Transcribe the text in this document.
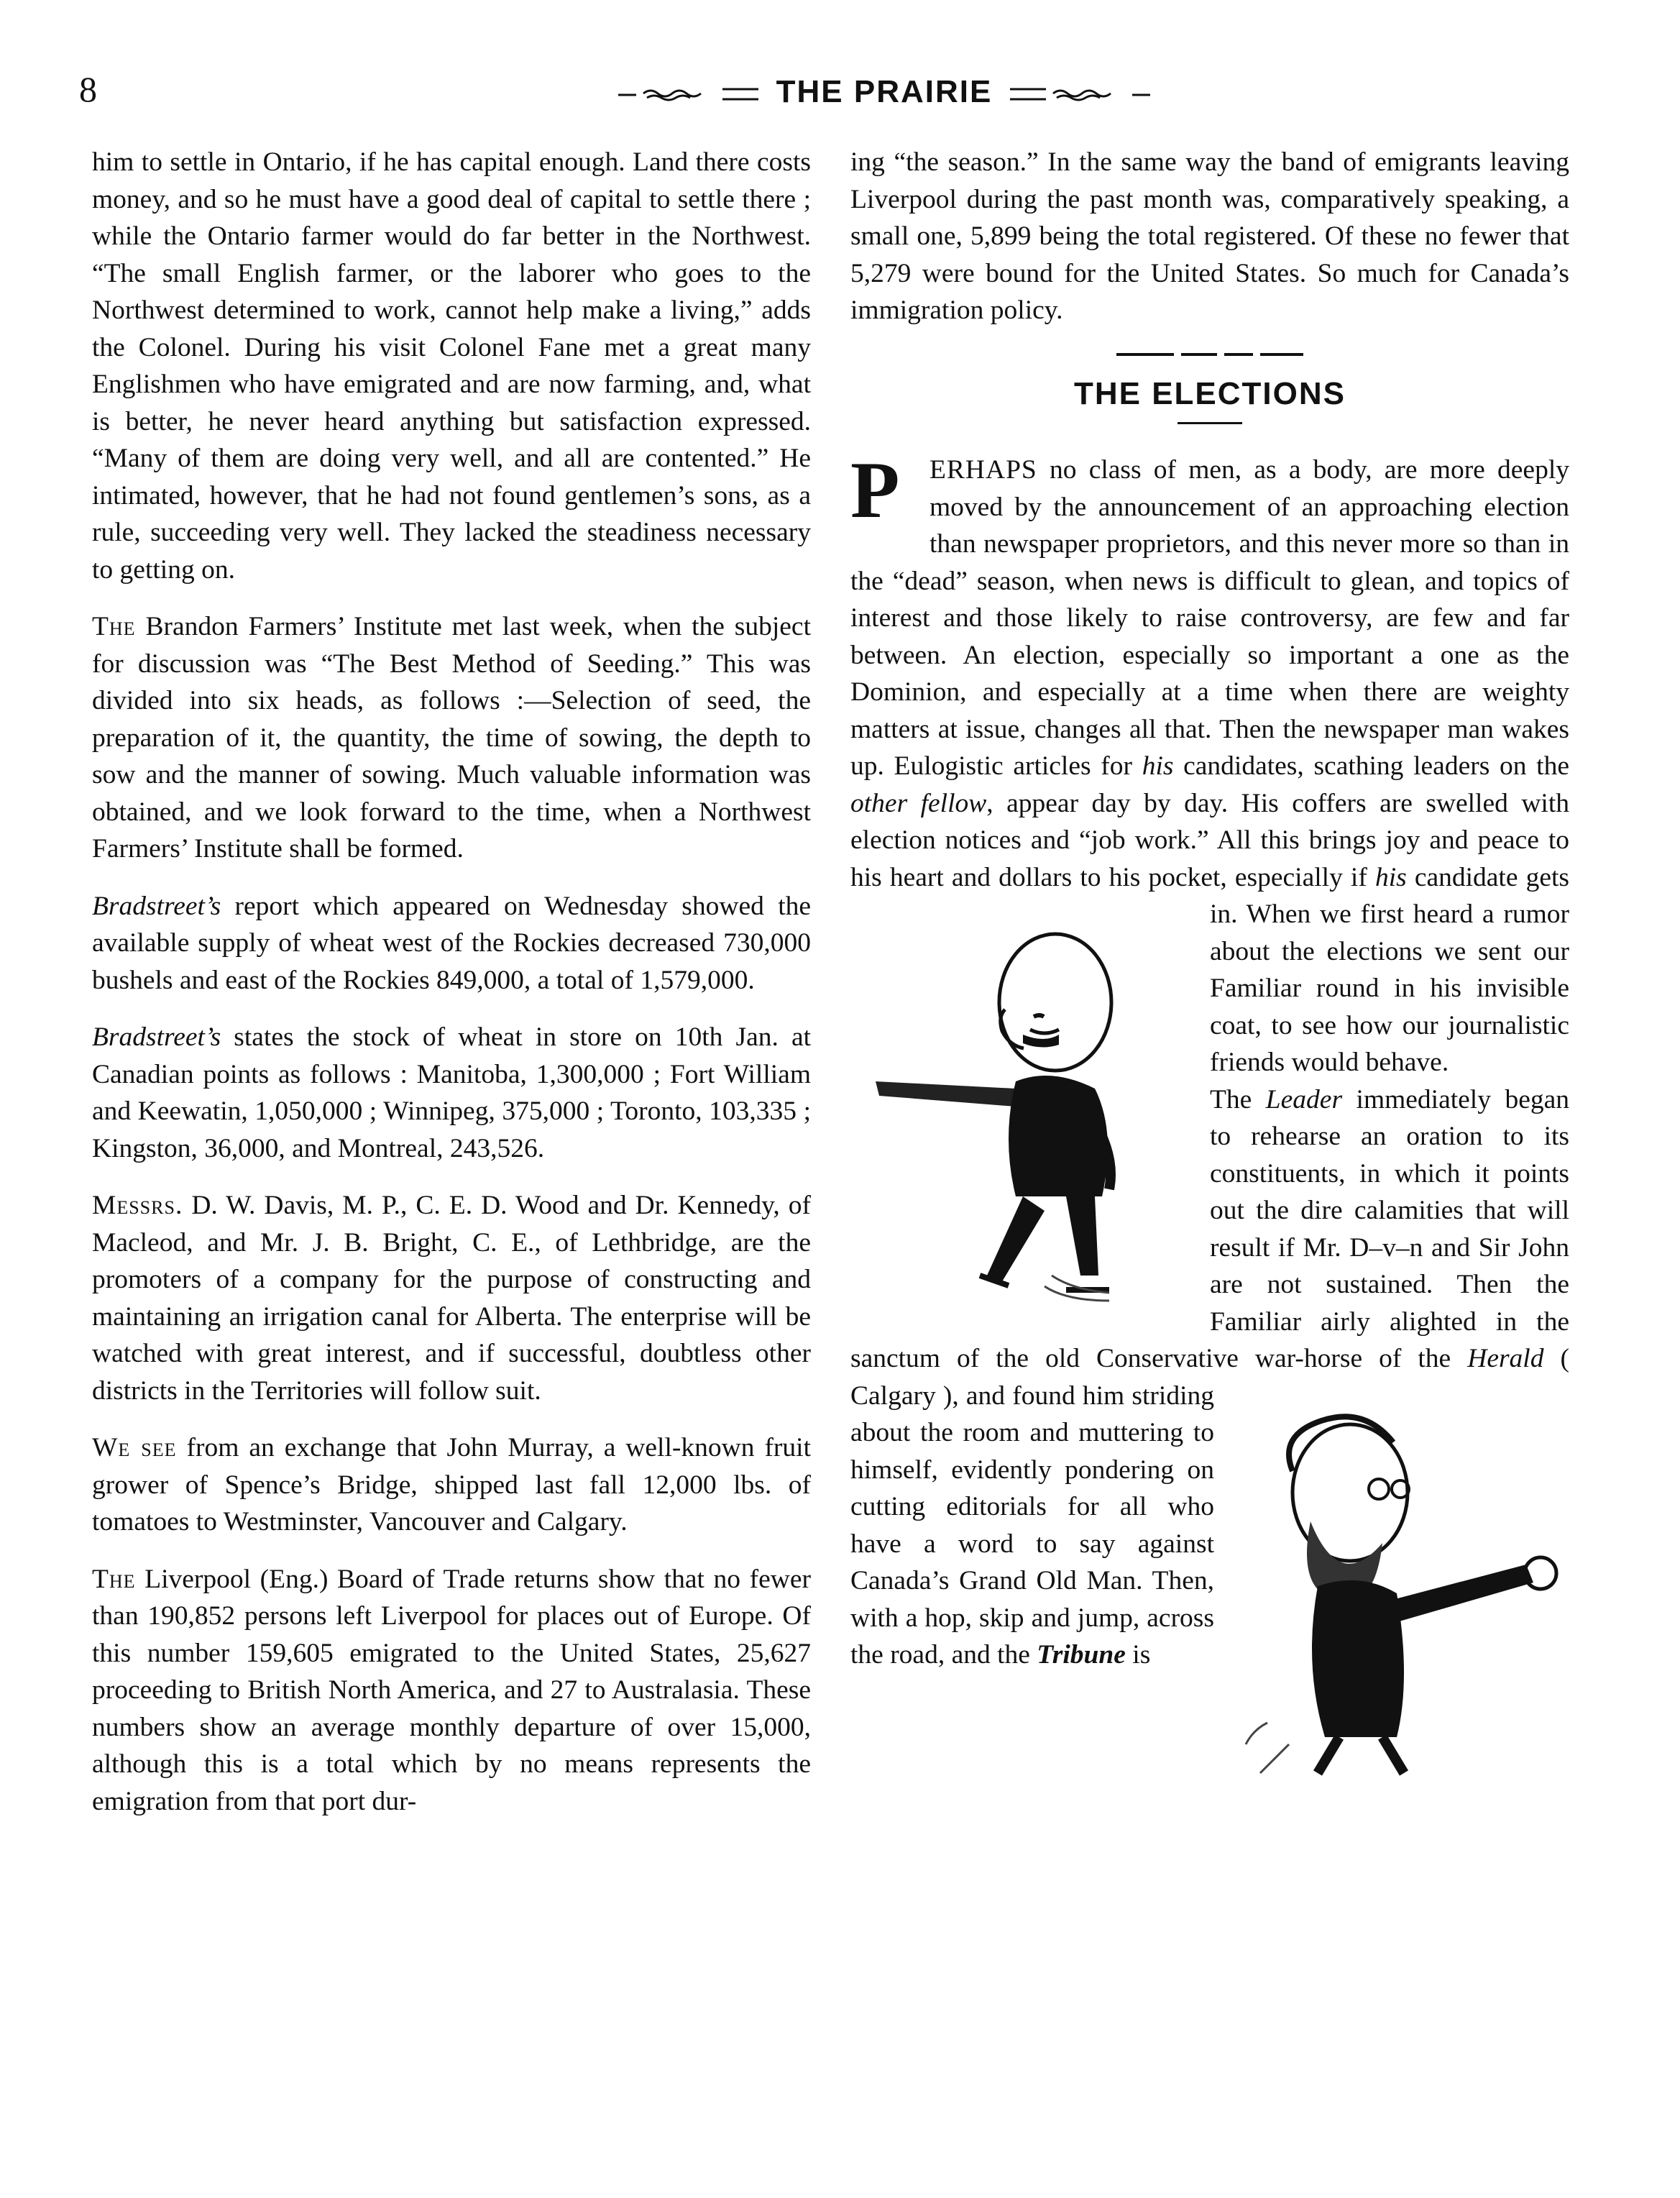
8	THE PRAIRIE

him to settle in Ontario, if he has capital enough. Land there costs money, and so he must have a good deal of capital to settle there ; while the Ontario farmer would do far better in the Northwest. “The small English farmer, or the laborer who goes to the Northwest determined to work, cannot help make a living,” adds the Colonel. During his visit Colonel Fane met a great many Englishmen who have emigrated and are now farming, and, what is better, he never heard anything but satisfaction expressed. “Many of them are doing very well, and all are contented.” He intimated, however, that he had not found gentlemen’s sons, as a rule, succeeding very well. They lacked the steadiness necessary to getting on.

The Brandon Farmers’ Institute met last week, when the subject for discussion was “The Best Method of Seeding.” This was divided into six heads, as follows :—Selection of seed, the preparation of it, the quantity, the time of sowing, the depth to sow and the manner of sowing. Much valuable information was obtained, and we look forward to the time, when a Northwest Farmers’ Institute shall be formed.

Bradstreet’s report which appeared on Wednesday showed the available supply of wheat west of the Rockies decreased 730,000 bushels and east of the Rockies 849,000, a total of 1,579,000.

Bradstreet’s states the stock of wheat in store on 10th Jan. at Canadian points as follows : Manitoba, 1,300,000 ; Fort William and Keewatin, 1,050,000 ; Winnipeg, 375,000 ; Toronto, 103,335 ; Kingston, 36,000, and Montreal, 243,526.

Messrs. D. W. Davis, M. P., C. E. D. Wood and Dr. Kennedy, of Macleod, and Mr. J. B. Bright, C. E., of Lethbridge, are the promoters of a company for the purpose of constructing and maintaining an irrigation canal for Alberta. The enterprise will be watched with great interest, and if successful, doubtless other districts in the Territories will follow suit.

We see from an exchange that John Murray, a well-known fruit grower of Spence’s Bridge, shipped last fall 12,000 lbs. of tomatoes to Westminster, Vancouver and Calgary.

The Liverpool (Eng.) Board of Trade returns show that no fewer than 190,852 persons left Liverpool for places out of Europe. Of this number 159,605 emigrated to the United States, 25,627 proceeding to British North America, and 27 to Australasia. These numbers show an average monthly departure of over 15,000, although this is a total which by no means represents the emigration from that port dur-

ing “the season.” In the same way the band of emigrants leaving Liverpool during the past month was, comparatively speaking, a small one, 5,899 being the total registered. Of these no fewer that 5,279 were bound for the United States. So much for Canada’s immigration policy.

THE ELECTIONS

P	ERHAPS no class of men, as a body, are more deeply moved by the announcement of an approaching election than newspaper proprietors, and this never more so than in the “dead” season, when news is difficult to glean, and topics of interest and those likely to raise controversy, are few and far between. An election, especially so important a one as the Dominion, and especially at a time when there are weighty matters at issue, changes all that. Then the newspaper man wakes up. Eulogistic articles for his candidates, scathing leaders on the other fellow, appear day by day. His coffers are swelled with election notices and “job work.” All this brings joy and peace to his heart and dollars to his pocket, especially if his candidate gets in. When we first heard a rumor about the elections we sent our Familiar round in his invisible coat, to see how our journalistic friends would behave.

The Leader immediately began to rehearse an oration to its constituents, in which it points out the dire calamities that will result if Mr. D–v–n and Sir John are not sustained. Then the Familiar airly alighted in the sanctum of the old Conservative war-horse of the Herald ( Calgary ), and found him striding about the room and muttering to himself, evidently pondering on cutting editorials for all who have a word to say against Canada’s Grand Old Man. Then, with a hop, skip and jump, across the road, and the Tribune is
